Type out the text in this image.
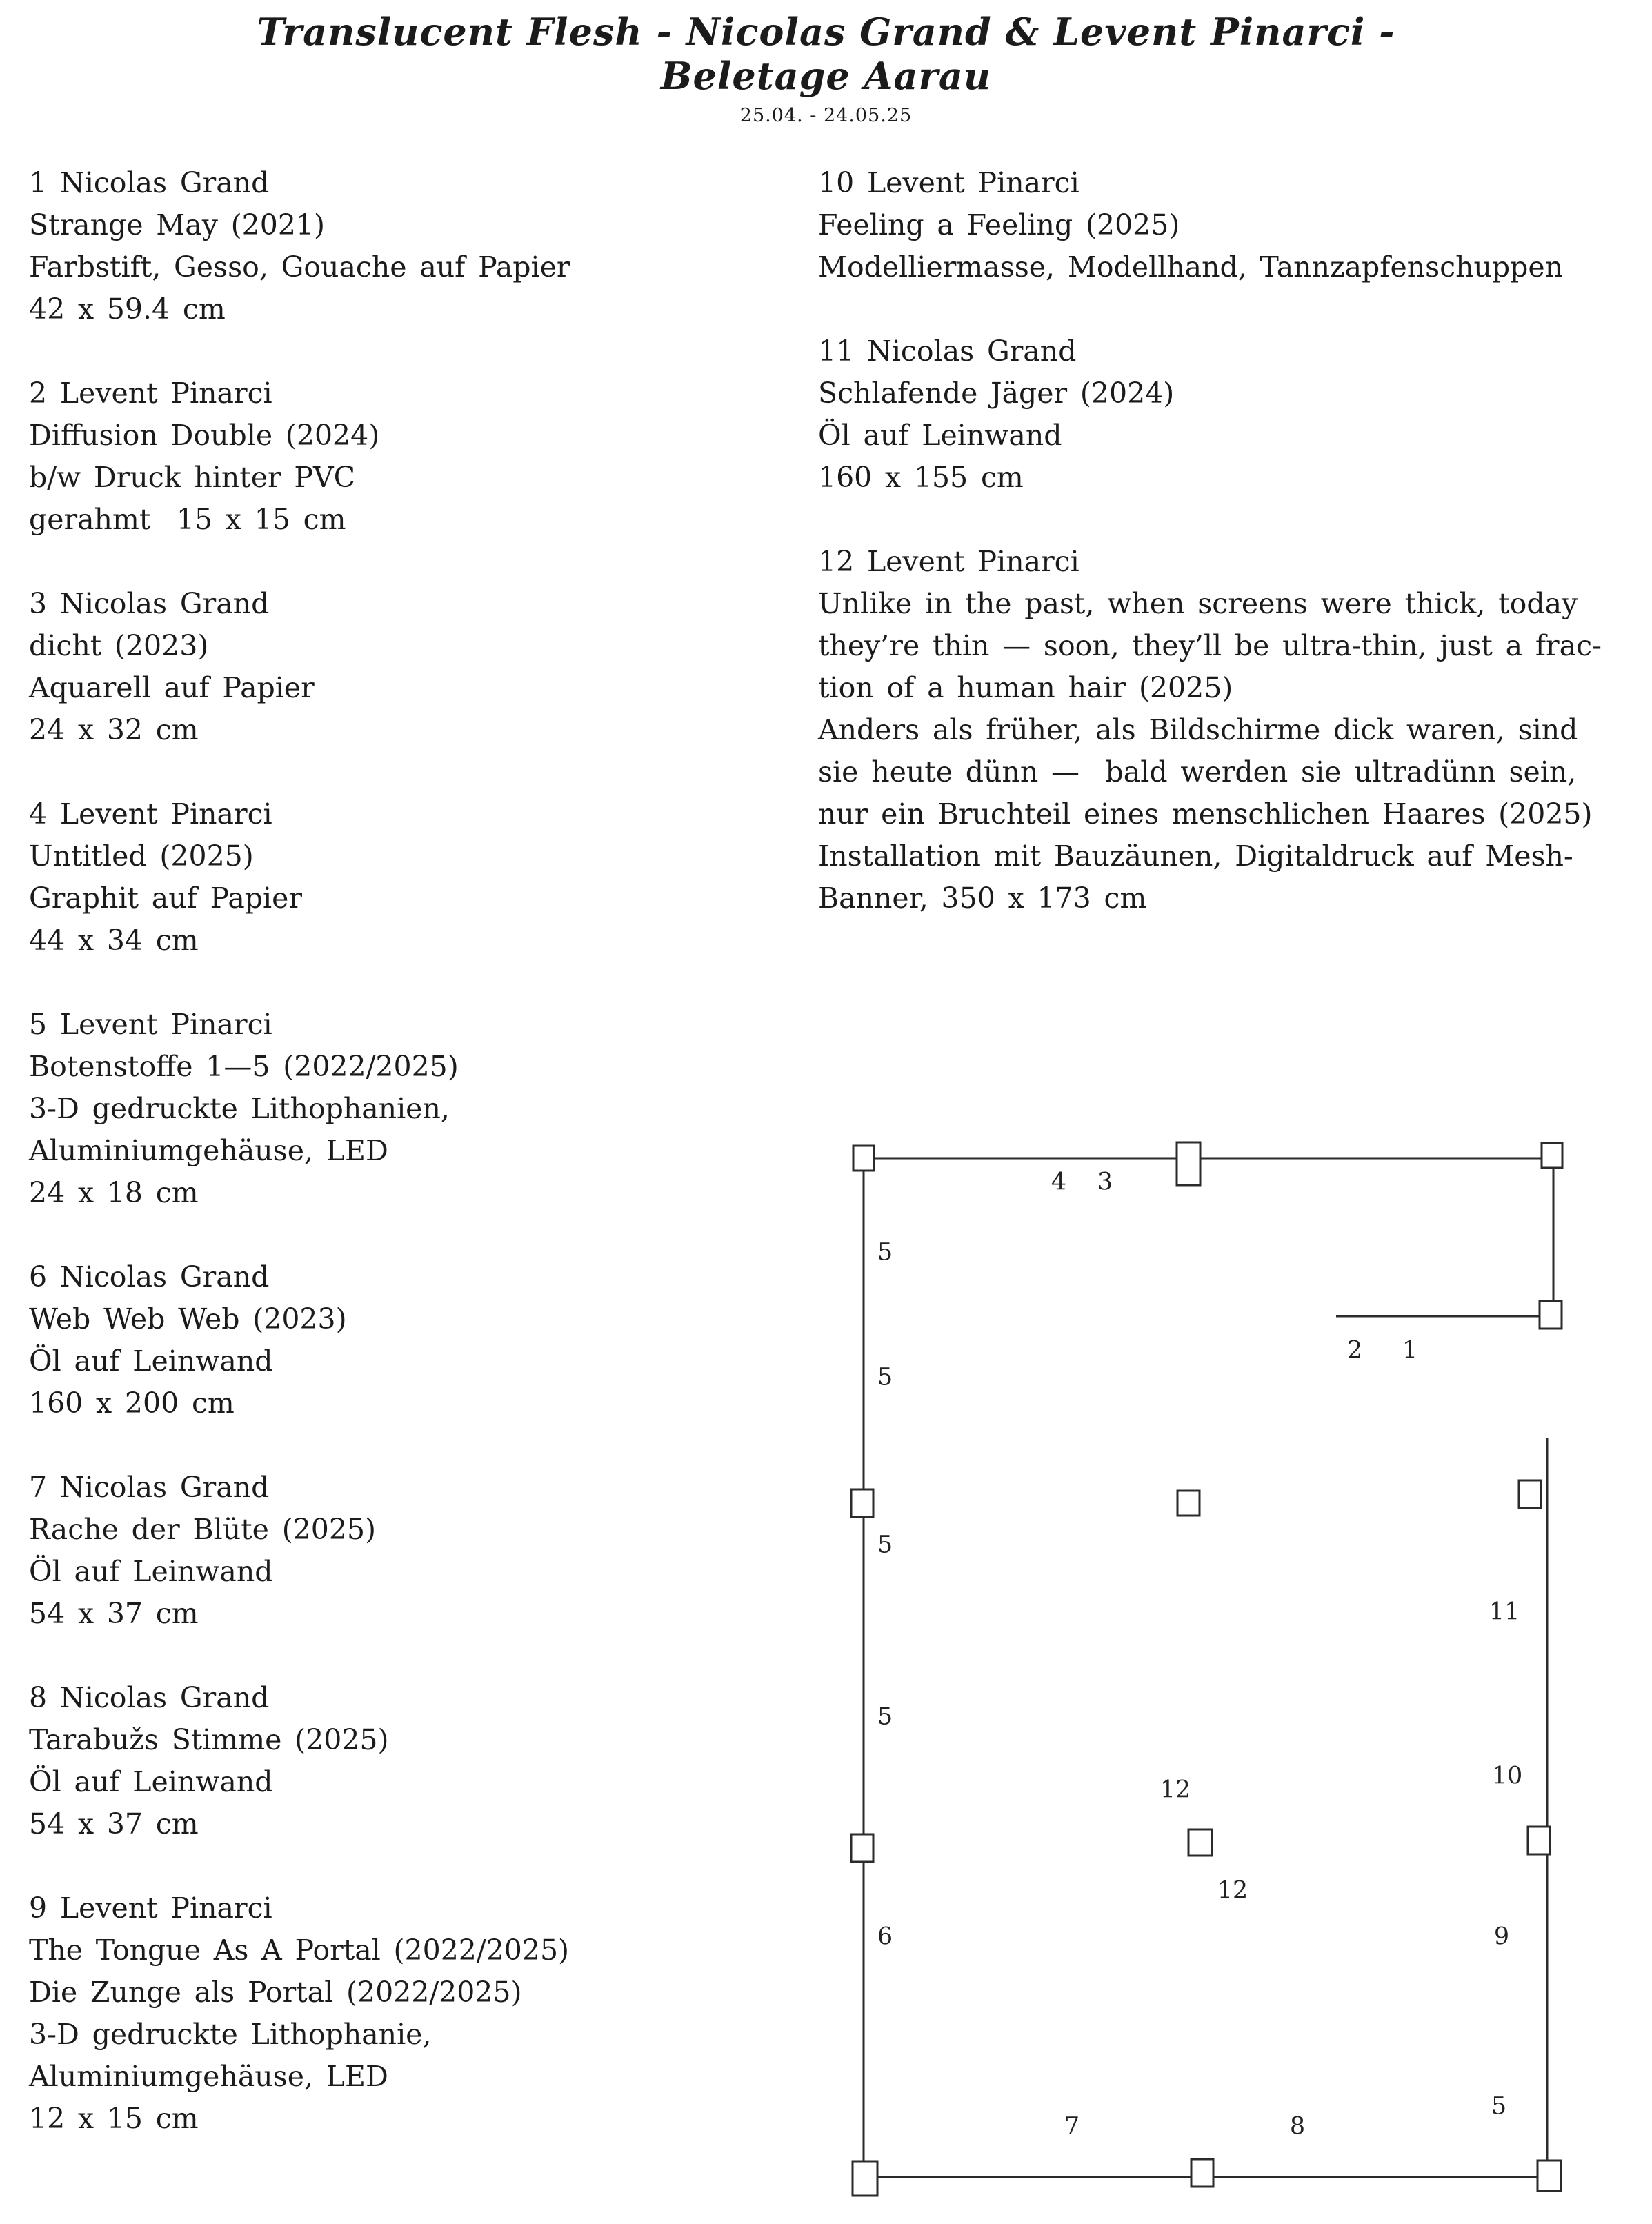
Translucent Flesh - Nicolas Grand & Levent Pinarci -
Beletage Aarau
25.04. - 24.05.25
1 Nicolas Grand
Strange May (2021)
Farbstift, Gesso, Gouache auf Papier
42 x 59.4 cm
2 Levent Pinarci
Diffusion Double (2024)
b/w Druck hinter PVC
gerahmt  15 x 15 cm
3 Nicolas Grand
dicht (2023)
Aquarell auf Papier
24 x 32 cm
4 Levent Pinarci
Untitled (2025)
Graphit auf Papier
44 x 34 cm
5 Levent Pinarci
Botenstoffe 1—5 (2022/2025)
3-D gedruckte Lithophanien,
Aluminiumgehäuse, LED
24 x 18 cm
6 Nicolas Grand
Web Web Web (2023)
Öl auf Leinwand
160 x 200 cm
7 Nicolas Grand
Rache der Blüte (2025)
Öl auf Leinwand
54 x 37 cm
8 Nicolas Grand
Tarabužs Stimme (2025)
Öl auf Leinwand
54 x 37 cm
9 Levent Pinarci
The Tongue As A Portal (2022/2025)
Die Zunge als Portal (2022/2025)
3-D gedruckte Lithophanie,
Aluminiumgehäuse, LED
12 x 15 cm
10 Levent Pinarci
Feeling a Feeling (2025)
Modelliermasse, Modellhand, Tannzapfenschuppen
11 Nicolas Grand
Schlafende Jäger (2024)
Öl auf Leinwand
160 x 155 cm
12 Levent Pinarci
Unlike in the past, when screens were thick, today
they’re thin — soon, they’ll be ultra-thin, just a frac-
tion of a human hair (2025)
Anders als früher, als Bildschirme dick waren, sind
sie heute dünn —  bald werden sie ultradünn sein,
nur ein Bruchteil eines menschlichen Haares (2025)
Installation mit Bauzäunen, Digitaldruck auf Mesh-
Banner, 350 x 173 cm
4 3
5
5
2 1
5
11
5
12	10
12
6	9
7	8
5
